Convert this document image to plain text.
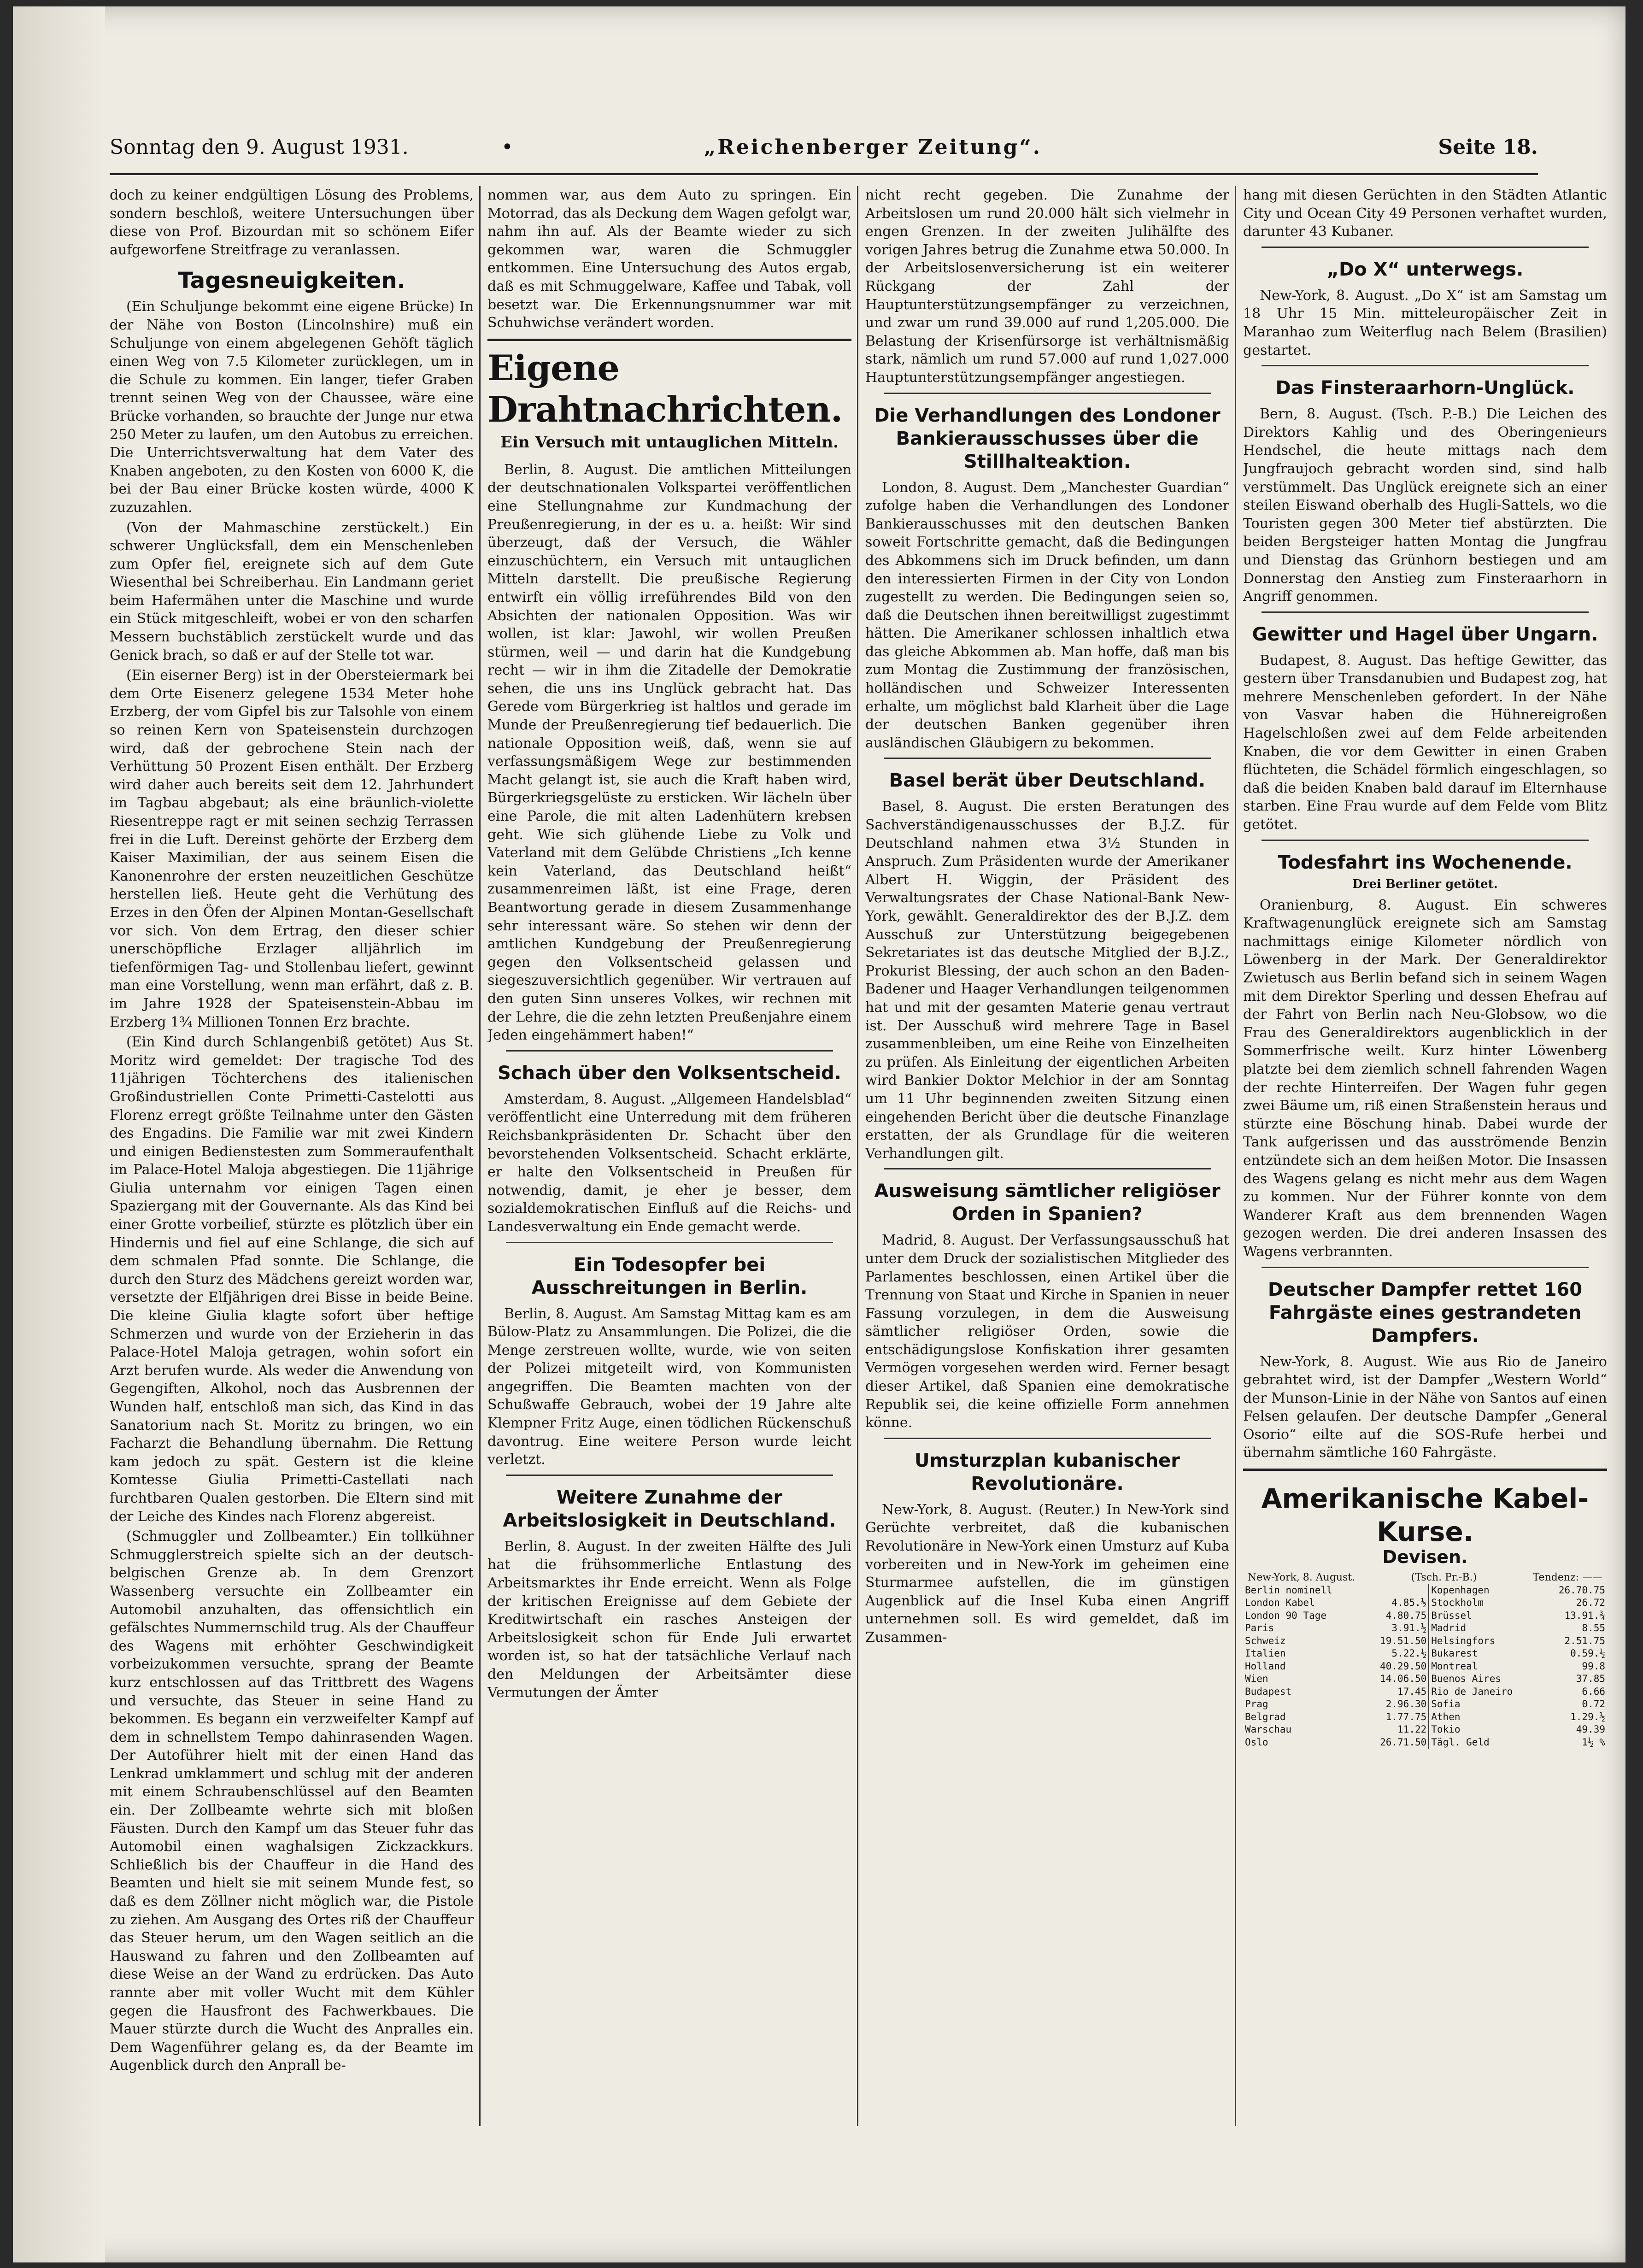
Sonntag den 9. August 1931.	•	„Reichenberger Zeitung“.	Seite 18.

doch zu keiner endgültigen Lösung des Problems, sondern beschloß, weitere Untersuchungen über diese von Prof. Bizourdan mit so schönem Eifer aufgeworfene Streitfrage zu veranlassen.

Tagesneuigkeiten.

(Ein Schuljunge bekommt eine eigene Brücke) In der Nähe von Boston (Lincolnshire) muß ein Schuljunge von einem abgelegenen Gehöft täglich einen Weg von 7.5 Kilometer zurücklegen, um in die Schule zu kommen. Ein langer, tiefer Graben trennt seinen Weg von der Chaussee, wäre eine Brücke vorhanden, so brauchte der Junge nur etwa 250 Meter zu laufen, um den Autobus zu erreichen. Die Unterrichtsverwaltung hat dem Vater des Knaben angeboten, zu den Kosten von 6000 K, die bei der Bau einer Brücke kosten würde, 4000 K zuzuzahlen.

(Von der Mahmaschine zerstückelt.) Ein schwerer Unglücksfall, dem ein Menschenleben zum Opfer fiel, ereignete sich auf dem Gute Wiesenthal bei Schreiberhau. Ein Landmann geriet beim Hafermähen unter die Maschine und wurde ein Stück mitgeschleift, wobei er von den scharfen Messern buchstäblich zerstückelt wurde und das Genick brach, so daß er auf der Stelle tot war.

(Ein eiserner Berg) ist in der Obersteiermark bei dem Orte Eisenerz gelegene 1534 Meter hohe Erzberg, der vom Gipfel bis zur Talsohle von einem so reinen Kern von Spateisenstein durchzogen wird, daß der gebrochene Stein nach der Verhüttung 50 Prozent Eisen enthält. Der Erzberg wird daher auch bereits seit dem 12. Jahrhundert im Tagbau abgebaut; als eine bräunlich-violette Riesentreppe ragt er mit seinen sechzig Terrassen frei in die Luft. Dereinst gehörte der Erzberg dem Kaiser Maximilian, der aus seinem Eisen die Kanonenrohre der ersten neuzeitlichen Geschütze herstellen ließ. Heute geht die Verhütung des Erzes in den Öfen der Alpinen Montan-Gesellschaft vor sich. Von dem Ertrag, den dieser schier unerschöpfliche Erzlager alljährlich im tiefenförmigen Tag- und Stollenbau liefert, gewinnt man eine Vorstellung, wenn man erfährt, daß z. B. im Jahre 1928 der Spateisenstein-Abbau im Erzberg 1¾ Millionen Tonnen Erz brachte.

(Ein Kind durch Schlangenbiß getötet) Aus St. Moritz wird gemeldet: Der tragische Tod des 11jährigen Töchterchens des italienischen Großindustriellen Conte Primetti-Castelotti aus Florenz erregt größte Teilnahme unter den Gästen des Engadins. Die Familie war mit zwei Kindern und einigen Bedienstesten zum Sommeraufenthalt im Palace-Hotel Maloja abgestiegen. Die 11jährige Giulia unternahm vor einigen Tagen einen Spaziergang mit der Gouvernante. Als das Kind bei einer Grotte vorbeilief, stürzte es plötzlich über ein Hindernis und fiel auf eine Schlange, die sich auf dem schmalen Pfad sonnte. Die Schlange, die durch den Sturz des Mädchens gereizt worden war, versetzte der Elfjährigen drei Bisse in beide Beine. Die kleine Giulia klagte sofort über heftige Schmerzen und wurde von der Erzieherin in das Palace-Hotel Maloja getragen, wohin sofort ein Arzt berufen wurde. Als weder die Anwendung von Gegengiften, Alkohol, noch das Ausbrennen der Wunden half, entschloß man sich, das Kind in das Sanatorium nach St. Moritz zu bringen, wo ein Facharzt die Behandlung übernahm. Die Rettung kam jedoch zu spät. Gestern ist die kleine Komtesse Giulia Primetti-Castellati nach furchtbaren Qualen gestorben. Die Eltern sind mit der Leiche des Kindes nach Florenz abgereist.

(Schmuggler und Zollbeamter.) Ein tollkühner Schmugglerstreich spielte sich an der deutsch-belgischen Grenze ab. In dem Grenzort Wassenberg versuchte ein Zollbeamter ein Automobil anzuhalten, das offensichtlich ein gefälschtes Nummernschild trug. Als der Chauffeur des Wagens mit erhöhter Geschwindigkeit vorbeizukommen versuchte, sprang der Beamte kurz entschlossen auf das Trittbrett des Wagens und versuchte, das Steuer in seine Hand zu bekommen. Es begann ein verzweifelter Kampf auf dem in schnellstem Tempo dahinrasenden Wagen. Der Autoführer hielt mit der einen Hand das Lenkrad umklammert und schlug mit der anderen mit einem Schraubenschlüssel auf den Beamten ein. Der Zollbeamte wehrte sich mit bloßen Fäusten. Durch den Kampf um das Steuer fuhr das Automobil einen waghalsigen Zickzackkurs. Schließlich bis der Chauffeur in die Hand des Beamten und hielt sie mit seinem Munde fest, so daß es dem Zöllner nicht möglich war, die Pistole zu ziehen. Am Ausgang des Ortes riß der Chauffeur das Steuer herum, um den Wagen seitlich an die Hauswand zu fahren und den Zollbeamten auf diese Weise an der Wand zu erdrücken. Das Auto rannte aber mit voller Wucht mit dem Kühler gegen die Hausfront des Fachwerkbaues. Die Mauer stürzte durch die Wucht des Anpralles ein. Dem Wagenführer gelang es, da der Beamte im Augenblick durch den Anprall be-

nommen war, aus dem Auto zu springen. Ein Motorrad, das als Deckung dem Wagen gefolgt war, nahm ihn auf. Als der Beamte wieder zu sich gekommen war, waren die Schmuggler entkommen. Eine Untersuchung des Autos ergab, daß es mit Schmuggelware, Kaffee und Tabak, voll besetzt war. Die Erkennungsnummer war mit Schuhwichse verändert worden.

Eigene Drahtnachrichten.
Ein Versuch mit untauglichen Mitteln.

Berlin, 8. August. Die amtlichen Mitteilungen der deutschnationalen Volkspartei veröffentlichen eine Stellungnahme zur Kundmachung der Preußenregierung, in der es u. a. heißt: Wir sind überzeugt, daß der Versuch, die Wähler einzuschüchtern, ein Versuch mit untauglichen Mitteln darstellt. Die preußische Regierung entwirft ein völlig irreführendes Bild von den Absichten der nationalen Opposition. Was wir wollen, ist klar: Jawohl, wir wollen Preußen stürmen, weil — und darin hat die Kundgebung recht — wir in ihm die Zitadelle der Demokratie sehen, die uns ins Unglück gebracht hat. Das Gerede vom Bürgerkrieg ist haltlos und gerade im Munde der Preußenregierung tief bedauerlich. Die nationale Opposition weiß, daß, wenn sie auf verfassungsmäßigem Wege zur bestimmenden Macht gelangt ist, sie auch die Kraft haben wird, Bürgerkriegsgelüste zu ersticken. Wir lächeln über eine Parole, die mit alten Ladenhütern krebsen geht. Wie sich glühende Liebe zu Volk und Vaterland mit dem Gelübde Christiens „Ich kenne kein Vaterland, das Deutschland heißt“ zusammenreimen läßt, ist eine Frage, deren Beantwortung gerade in diesem Zusammenhange sehr interessant wäre. So stehen wir denn der amtlichen Kundgebung der Preußenregierung gegen den Volksentscheid gelassen und siegeszuversichtlich gegenüber. Wir vertrauen auf den guten Sinn unseres Volkes, wir rechnen mit der Lehre, die die zehn letzten Preußenjahre einem Jeden eingehämmert haben!“

Schach über den Volksentscheid.

Amsterdam, 8. August. „Allgemeen Handelsblad“ veröffentlicht eine Unterredung mit dem früheren Reichsbankpräsidenten Dr. Schacht über den bevorstehenden Volksentscheid. Schacht erklärte, er halte den Volksentscheid in Preußen für notwendig, damit, je eher je besser, dem sozialdemokratischen Einfluß auf die Reichs- und Landesverwaltung ein Ende gemacht werde.

Ein Todesopfer bei Ausschreitungen in Berlin.

Berlin, 8. August. Am Samstag Mittag kam es am Bülow-Platz zu Ansammlungen. Die Polizei, die die Menge zerstreuen wollte, wurde, wie von seiten der Polizei mitgeteilt wird, von Kommunisten angegriffen. Die Beamten machten von der Schußwaffe Gebrauch, wobei der 19 Jahre alte Klempner Fritz Auge, einen tödlichen Rückenschuß davontrug. Eine weitere Person wurde leicht verletzt.

Weitere Zunahme der Arbeitslosigkeit in Deutschland.

Berlin, 8. August. In der zweiten Hälfte des Juli hat die frühsommerliche Entlastung des Arbeitsmarktes ihr Ende erreicht. Wenn als Folge der kritischen Ereignisse auf dem Gebiete der Kreditwirtschaft ein rasches Ansteigen der Arbeitslosigkeit schon für Ende Juli erwartet worden ist, so hat der tatsächliche Verlauf nach den Meldungen der Arbeitsämter diese Vermutungen der Ämter

nicht recht gegeben. Die Zunahme der Arbeitslosen um rund 20.000 hält sich vielmehr in engen Grenzen. In der zweiten Julihälfte des vorigen Jahres betrug die Zunahme etwa 50.000. In der Arbeitslosenversicherung ist ein weiterer Rückgang der Zahl der Hauptunterstützungsempfänger zu verzeichnen, und zwar um rund 39.000 auf rund 1,205.000. Die Belastung der Krisenfürsorge ist verhältnismäßig stark, nämlich um rund 57.000 auf rund 1,027.000 Hauptunterstützungsempfänger angestiegen.

Die Verhandlungen des Londoner Bankierausschusses über die Stillhalteaktion.

London, 8. August. Dem „Manchester Guardian“ zufolge haben die Verhandlungen des Londoner Bankierausschusses mit den deutschen Banken soweit Fortschritte gemacht, daß die Bedingungen des Abkommens sich im Druck befinden, um dann den interessierten Firmen in der City von London zugestellt zu werden. Die Bedingungen seien so, daß die Deutschen ihnen bereitwilligst zugestimmt hätten. Die Amerikaner schlossen inhaltlich etwa das gleiche Abkommen ab. Man hoffe, daß man bis zum Montag die Zustimmung der französischen, holländischen und Schweizer Interessenten erhalte, um möglichst bald Klarheit über die Lage der deutschen Banken gegenüber ihren ausländischen Gläubigern zu bekommen.

Basel berät über Deutschland.

Basel, 8. August. Die ersten Beratungen des Sachverständigenausschusses der B.J.Z. für Deutschland nahmen etwa 3½ Stunden in Anspruch. Zum Präsidenten wurde der Amerikaner Albert H. Wiggin, der Präsident des Verwaltungsrates der Chase National-Bank New-York, gewählt. Generaldirektor des der B.J.Z. dem Ausschuß zur Unterstützung beigegebenen Sekretariates ist das deutsche Mitglied der B.J.Z., Prokurist Blessing, der auch schon an den Baden-Badener und Haager Verhandlungen teilgenommen hat und mit der gesamten Materie genau vertraut ist. Der Ausschuß wird mehrere Tage in Basel zusammenbleiben, um eine Reihe von Einzelheiten zu prüfen. Als Einleitung der eigentlichen Arbeiten wird Bankier Doktor Melchior in der am Sonntag um 11 Uhr beginnenden zweiten Sitzung einen eingehenden Bericht über die deutsche Finanzlage erstatten, der als Grundlage für die weiteren Verhandlungen gilt.

Ausweisung sämtlicher religiöser Orden in Spanien?

Madrid, 8. August. Der Verfassungsausschuß hat unter dem Druck der sozialistischen Mitglieder des Parlamentes beschlossen, einen Artikel über die Trennung von Staat und Kirche in Spanien in neuer Fassung vorzulegen, in dem die Ausweisung sämtlicher religiöser Orden, sowie die entschädigungslose Konfiskation ihrer gesamten Vermögen vorgesehen werden wird. Ferner besagt dieser Artikel, daß Spanien eine demokratische Republik sei, die keine offizielle Form annehmen könne.

Umsturzplan kubanischer Revolutionäre.

New-York, 8. August. (Reuter.) In New-York sind Gerüchte verbreitet, daß die kubanischen Revolutionäre in New-York einen Umsturz auf Kuba vorbereiten und in New-York im geheimen eine Sturmarmee aufstellen, die im günstigen Augenblick auf die Insel Kuba einen Angriff unternehmen soll. Es wird gemeldet, daß im Zusammen-

hang mit diesen Gerüchten in den Städten Atlantic City und Ocean City 49 Personen verhaftet wurden, darunter 43 Kubaner.

„Do X“ unterwegs.

New-York, 8. August. „Do X“ ist am Samstag um 18 Uhr 15 Min. mitteleuropäischer Zeit in Maranhao zum Weiterflug nach Belem (Brasilien) gestartet.

Das Finsteraarhorn-Unglück.

Bern, 8. August. (Tsch. P.-B.) Die Leichen des Direktors Kahlig und des Oberingenieurs Hendschel, die heute mittags nach dem Jungfraujoch gebracht worden sind, sind halb verstümmelt. Das Unglück ereignete sich an einer steilen Eiswand oberhalb des Hugli-Sattels, wo die Touristen gegen 300 Meter tief abstürzten. Die beiden Bergsteiger hatten Montag die Jungfrau und Dienstag das Grünhorn bestiegen und am Donnerstag den Anstieg zum Finsteraarhorn in Angriff genommen.

Gewitter und Hagel über Ungarn.

Budapest, 8. August. Das heftige Gewitter, das gestern über Transdanubien und Budapest zog, hat mehrere Menschenleben gefordert. In der Nähe von Vasvar haben die Hühnereigroßen Hagelschloßen zwei auf dem Felde arbeitenden Knaben, die vor dem Gewitter in einen Graben flüchteten, die Schädel förmlich eingeschlagen, so daß die beiden Knaben bald darauf im Elternhause starben. Eine Frau wurde auf dem Felde vom Blitz getötet.

Todesfahrt ins Wochenende.
Drei Berliner getötet.

Oranienburg, 8. August. Ein schweres Kraftwagenunglück ereignete sich am Samstag nachmittags einige Kilometer nördlich von Löwenberg in der Mark. Der Generaldirektor Zwietusch aus Berlin befand sich in seinem Wagen mit dem Direktor Sperling und dessen Ehefrau auf der Fahrt von Berlin nach Neu-Globsow, wo die Frau des Generaldirektors augenblicklich in der Sommerfrische weilt. Kurz hinter Löwenberg platzte bei dem ziemlich schnell fahrenden Wagen der rechte Hinterreifen. Der Wagen fuhr gegen zwei Bäume um, riß einen Straßenstein heraus und stürzte eine Böschung hinab. Dabei wurde der Tank aufgerissen und das ausströmende Benzin entzündete sich an dem heißen Motor. Die Insassen des Wagens gelang es nicht mehr aus dem Wagen zu kommen. Nur der Führer konnte von dem Wanderer Kraft aus dem brennenden Wagen gezogen werden. Die drei anderen Insassen des Wagens verbrannten.

Deutscher Dampfer rettet 160 Fahrgäste eines gestrandeten Dampfers.

New-York, 8. August. Wie aus Rio de Janeiro gebrahtet wird, ist der Dampfer „Western World“ der Munson-Linie in der Nähe von Santos auf einen Felsen gelaufen. Der deutsche Dampfer „General Osorio“ eilte auf die SOS-Rufe herbei und übernahm sämtliche 160 Fahrgäste.

Amerikanische Kabel-Kurse.
Devisen.
New-York, 8. August.	(Tsch. Pr.-B.)	Tendenz: ——
Berlin nominell		Kopenhagen	26.70.75
London Kabel	4.85.½	Stockholm	26.72
London 90 Tage	4.80.75	Brüssel	13.91.¾
Paris	3.91.½	Madrid	8.55
Schweiz	19.51.50	Helsingfors	2.51.75
Italien	5.22.½	Bukarest	0.59.½
Holland	40.29.50	Montreal	99.8
Wien	14.06.50	Buenos Aires	37.85
Budapest	17.45	Rio de Janeiro	6.66
Prag	2.96.30	Sofia	0.72
Belgrad	1.77.75	Athen	1.29.½
Warschau	11.22	Tokio	49.39
Oslo	26.71.50	Tägl. Geld	1½ %
